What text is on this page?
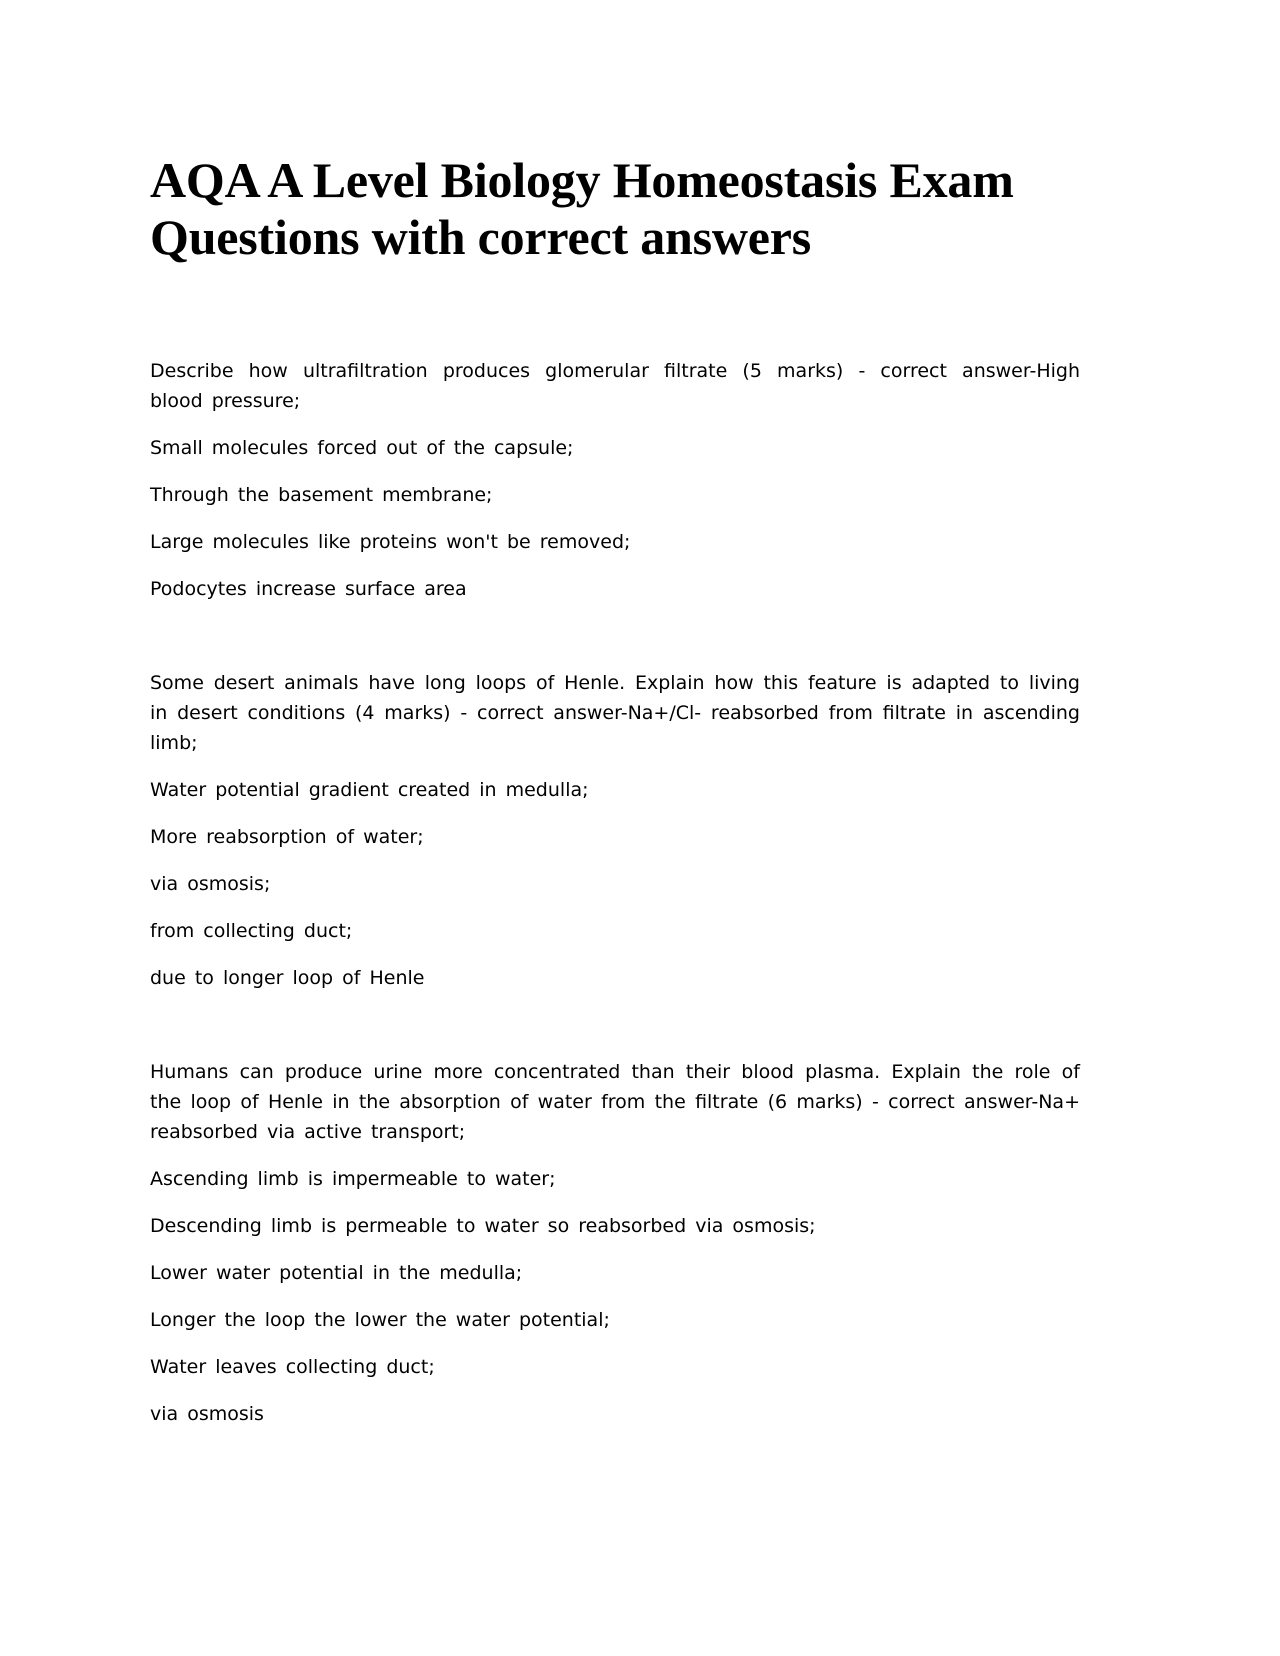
AQA A Level Biology Homeostasis Exam Questions with correct answers

Describe how ultrafiltration produces glomerular filtrate (5 marks) - correct answer-High blood pressure;

Small molecules forced out of the capsule;

Through the basement membrane;

Large molecules like proteins won't be removed;

Podocytes increase surface area

Some desert animals have long loops of Henle. Explain how this feature is adapted to living in desert conditions (4 marks) - correct answer-Na+/Cl- reabsorbed from filtrate in ascending limb;

Water potential gradient created in medulla;

More reabsorption of water;

via osmosis;

from collecting duct;

due to longer loop of Henle

Humans can produce urine more concentrated than their blood plasma. Explain the role of the loop of Henle in the absorption of water from the filtrate (6 marks) - correct answer-Na+ reabsorbed via active transport;

Ascending limb is impermeable to water;

Descending limb is permeable to water so reabsorbed via osmosis;

Lower water potential in the medulla;

Longer the loop the lower the water potential;

Water leaves collecting duct;

via osmosis
